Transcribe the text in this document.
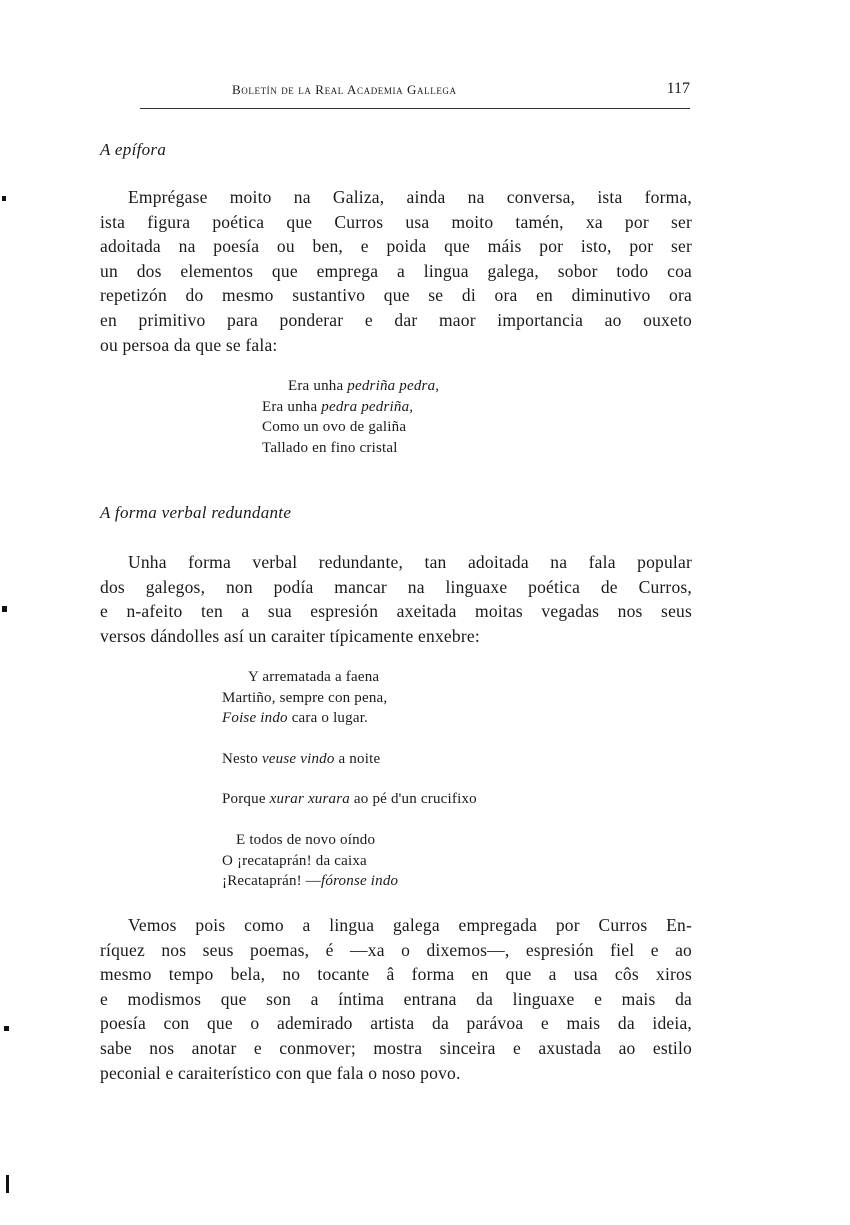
Boletín de la Real Academia Gallega	117
A epífora
Emprégase moito na Galiza, ainda na conversa, ista forma,
ista figura poética que Curros usa moito tamén, xa por ser
adoitada na poesía ou ben, e poida que máis por isto, por ser
un dos elementos que emprega a lingua galega, sobor todo coa
repetizón do mesmo sustantivo que se di ora en diminutivo ora
en primitivo para ponderar e dar maor importancia ao ouxeto
ou persoa da que se fala:
Era unha pedriña pedra,
Era unha pedra pedriña,
Como un ovo de galiña
Tallado en fino cristal
A forma verbal redundante
Unha forma verbal redundante, tan adoitada na fala popular
dos galegos, non podía mancar na linguaxe poética de Curros,
e n-afeito ten a sua espresión axeitada moitas vegadas nos seus
versos dándolles así un caraiter típicamente enxebre:
Y arrematada a faena
Martiño, sempre con pena,
Foise indo cara o lugar.
Nesto veuse vindo a noite
Porque xurar xurara ao pé d'un crucifixo
E todos de novo oíndo
O ¡recataprán! da caixa
¡Recataprán! —fóronse indo
Vemos pois como a lingua galega empregada por Curros En-
ríquez nos seus poemas, é —xa o dixemos—, espresión fiel e ao
mesmo tempo bela, no tocante â forma en que a usa côs xiros
e modismos que son a íntima entrana da linguaxe e mais da
poesía con que o ademirado artista da parávoa e mais da ideia,
sabe nos anotar e conmover; mostra sinceira e axustada ao estilo
peconial e caraiterístico con que fala o noso povo.
